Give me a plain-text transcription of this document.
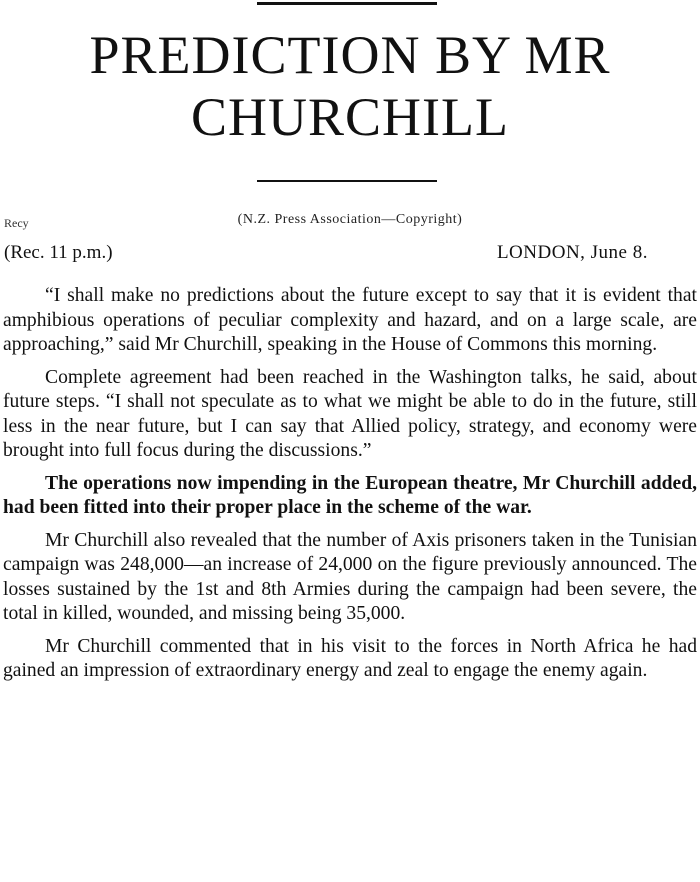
PREDICTION BY MR CHURCHILL
Recy	(N.Z. Press Association—Copyright)
(Rec. 11 p.m.)	LONDON, June 8.

“I shall make no predictions about the future except to say that it is evident that amphibious operations of peculiar complexity and hazard, and on a large scale, are approaching,” said Mr Churchill, speaking in the House of Commons this morning.

Complete agreement had been reached in the Washington talks, he said, about future steps. “I shall not speculate as to what we might be able to do in the future, still less in the near future, but I can say that Allied policy, strategy, and economy were brought into full focus during the discussions.”

The operations now impending in the European theatre, Mr Churchill added, had been fitted into their proper place in the scheme of the war.

Mr Churchill also revealed that the number of Axis prisoners taken in the Tunisian campaign was 248,000—an increase of 24,000 on the figure previously announced. The losses sustained by the 1st and 8th Armies during the campaign had been severe, the total in killed, wounded, and missing being 35,000.

Mr Churchill commented that in his visit to the forces in North Africa he had gained an impression of extraordinary energy and zeal to engage the enemy again.
